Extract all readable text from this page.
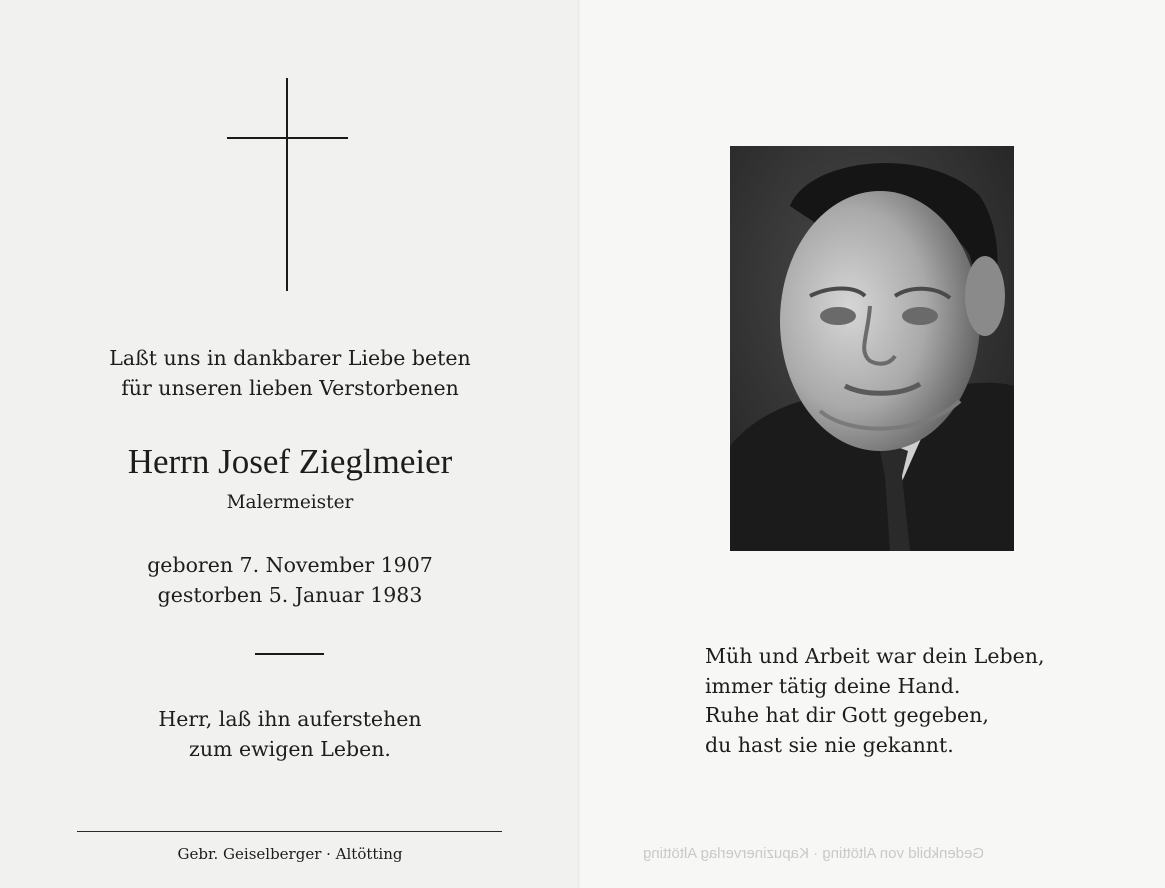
Laßt uns in dankbarer Liebe beten
für unseren lieben Verstorbenen
Herrn Josef Zieglmeier
Malermeister
geboren 7. November 1907
gestorben 5. Januar 1983
Herr, laß ihn auferstehen
zum ewigen Leben.
Gebr. Geiselberger · Altötting
Müh und Arbeit war dein Leben,
immer tätig deine Hand.
Ruhe hat dir Gott gegeben,
du hast sie nie gekannt.
Gedenkbild von Altötting · Kapuzinerverlag Altötting
